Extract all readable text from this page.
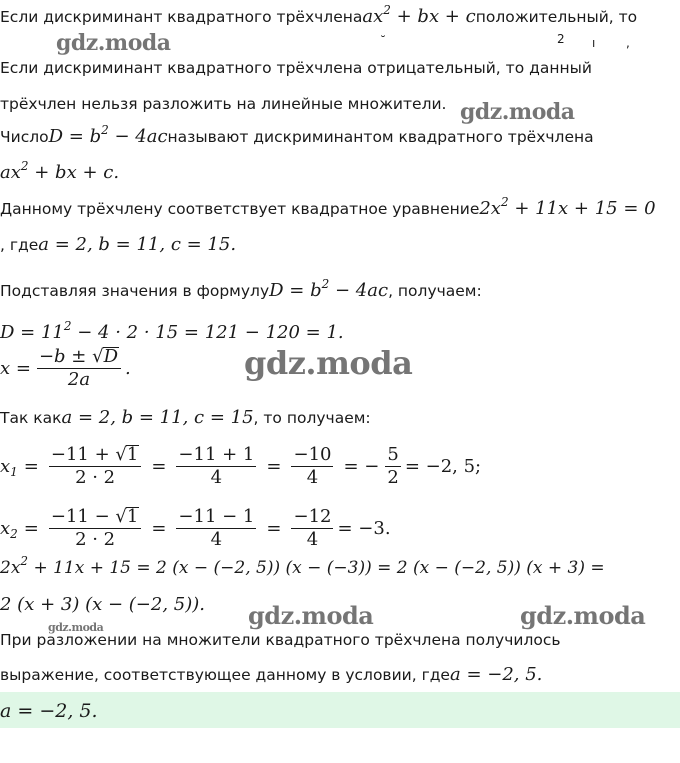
Если дискриминант квадратного трёхчлена $ax^2$ + bx + c положительный, то
˘	2 ı	,
Если дискриминант квадратного трёхчлена отрицательный, то данный
трёхчлен нельзя разложить на линейные множители.
Число $D = b^2 - 4ac$ называют дискриминантом квадратного трёхчлена
$ax^2$ + bx + c.
Данному трёхчлену соответствует квадратное уравнение $2x^2 + 11x + 15 = 0$
, где a = 2, b = 11, c = 15.
Подставляя значения в формулу $D = b^2 - 4ac$ , получаем:
$D = 11^2 - 4 \cdot 2 \cdot 15 = 121 - 120 = 1$.
$x = \frac{-b \pm √D}{2a}$ .
Так как a = 2, b = 11, c = 15 , то получаем:
$x_1 = \frac{-11 + √1}{2 \cdot 2} = \frac{-11 + 1}{4} = \frac{-10}{4}$ = − $\frac{5}{2} = -2$, 5;
$x_2 = \frac{-11 - √1}{2 \cdot 2} = \frac{-11 - 1}{4} = \frac{-12}{4} = -3$.
$2x^2 + 11x + 15 = 2$ (x − (−2, 5)) (x − (−3)) = 2 (x − (−2, 5)) (x + 3) =
2 (x + 3) (x − (−2, 5)).
При разложении на множители квадратного трёхчлена получилось
выражение, соответствующее данному в условии, где a = −2, 5.
a = −2, 5.
gdz.moda
gdz.moda
gdz.moda
gdz.moda	gdz.moda
gdz.moda
